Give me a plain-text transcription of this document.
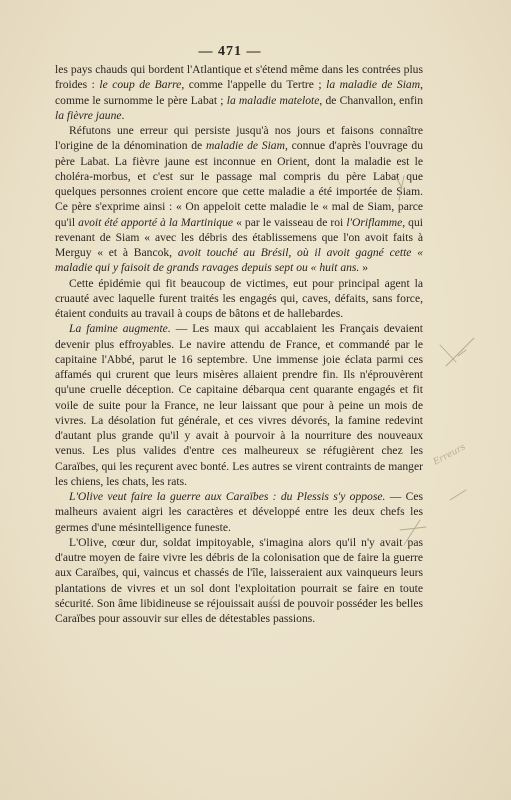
— 471 —

les pays chauds qui bordent l'Atlantique et s'étend même dans les contrées plus froides : le coup de Barre, comme l'appelle du Tertre ; la maladie de Siam, comme le surnomme le père Labat ; la maladie matelote, de Chanvallon, enfin la fièvre jaune.

Réfutons une erreur qui persiste jusqu'à nos jours et faisons connaître l'origine de la dénomination de maladie de Siam, connue d'après l'ouvrage du père Labat. La fièvre jaune est inconnue en Orient, dont la maladie est le choléra-morbus, et c'est sur le passage mal compris du père Labat que quelques personnes croient encore que cette maladie a été importée de Siam. Ce père s'exprime ainsi : « On appeloit cette maladie le « mal de Siam, parce qu'il avoit été apporté à la Martinique « par le vaisseau de roi l'Oriflamme, qui revenant de Siam « avec les débris des établissemens que l'on avoit faits à Merguy « et à Bancok, avoit touché au Brésil, où il avoit gagné cette « maladie qui y faisoit de grands ravages depuis sept ou « huit ans. »

Cette épidémie qui fit beaucoup de victimes, eut pour principal agent la cruauté avec laquelle furent traités les engagés qui, caves, défaits, sans force, étaient conduits au travail à coups de bâtons et de hallebardes.

La famine augmente. — Les maux qui accablaient les Français devaient devenir plus effroyables. Le navire attendu de France, et commandé par le capitaine l'Abbé, parut le 16 septembre. Une immense joie éclata parmi ces affamés qui crurent que leurs misères allaient prendre fin. Ils n'éprouvèrent qu'une cruelle déception. Ce capitaine débarqua cent quarante engagés et fit voile de suite pour la France, ne leur laissant que pour à peine un mois de vivres. La désolation fut générale, et ces vivres dévorés, la famine redevint d'autant plus grande qu'il y avait à pourvoir à la nourriture des nouveaux venus. Les plus valides d'entre ces malheureux se réfugièrent chez les Caraïbes, qui les reçurent avec bonté. Les autres se virent contraints de manger les chiens, les chats, les rats.

L'Olive veut faire la guerre aux Caraïbes : du Plessis s'y oppose. — Ces malheurs avaient aigri les caractères et développé entre les deux chefs les germes d'une mésintelligence funeste.

L'Olive, cœur dur, soldat impitoyable, s'imagina alors qu'il n'y avait pas d'autre moyen de faire vivre les débris de la colonisation que de faire la guerre aux Caraïbes, qui, vaincus et chassés de l'île, laisseraient aux vainqueurs leurs plantations de vivres et un sol dont l'exploitation pourrait se faire en toute sécurité. Son âme libidineuse se réjouissait aussi de pouvoir posséder les belles Caraïbes pour assouvir sur elles de détestables passions.

Erreurs
